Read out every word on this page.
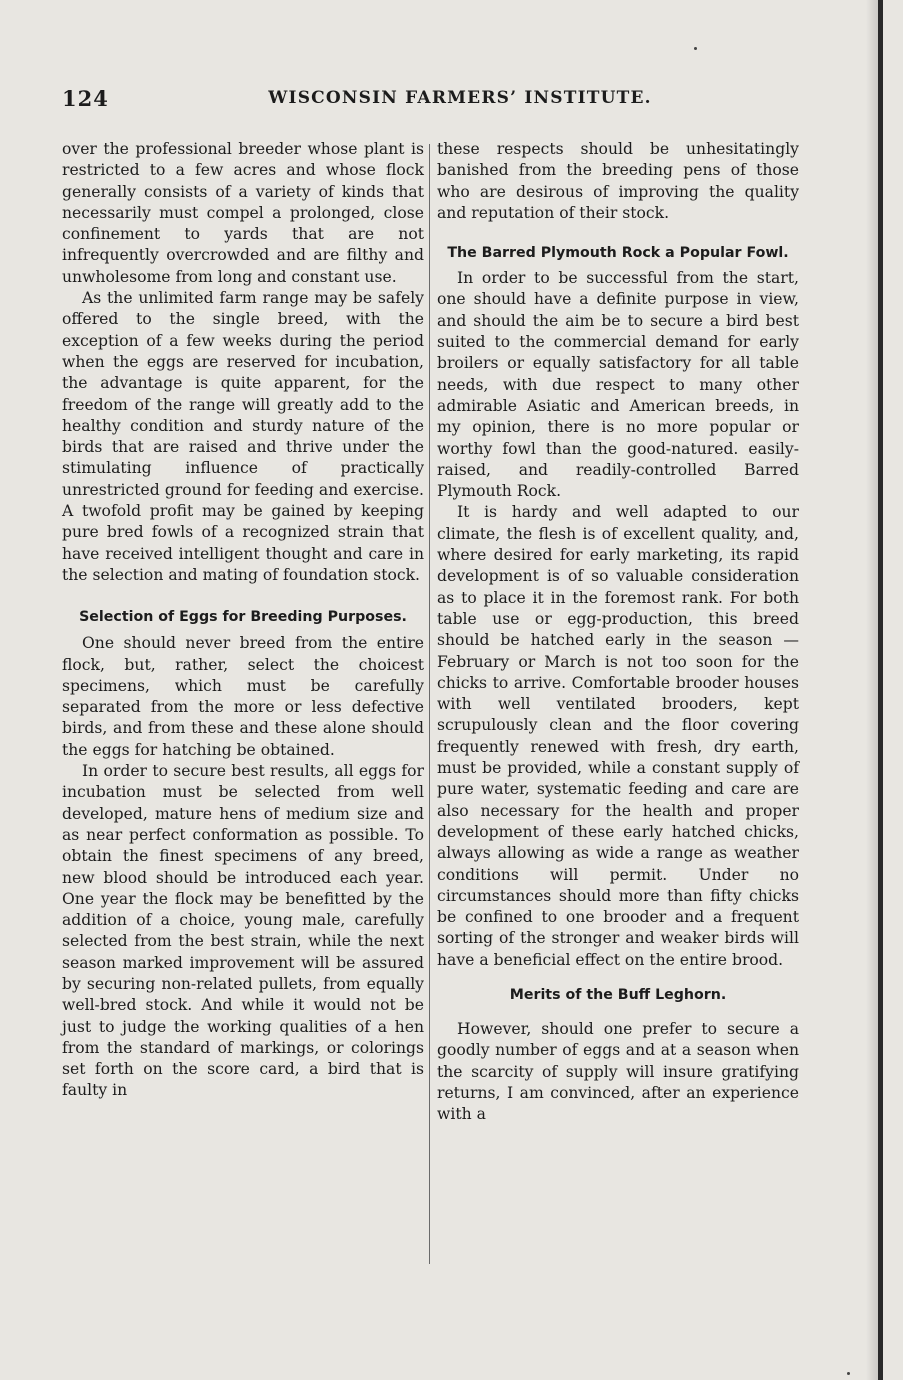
124	WISCONSIN FARMERS’ INSTITUTE.

over the professional breeder whose plant is restricted to a few acres and whose flock generally consists of a variety of kinds that necessarily must compel a prolonged, close confinement to yards that are not infrequently overcrowded and are filthy and unwholesome from long and constant use.

As the unlimited farm range may be safely offered to the single breed, with the exception of a few weeks during the period when the eggs are reserved for incubation, the advantage is quite apparent, for the freedom of the range will greatly add to the healthy condition and sturdy nature of the birds that are raised and thrive under the stimulating influence of practically unrestricted ground for feeding and exercise. A twofold profit may be gained by keeping pure bred fowls of a recognized strain that have received intelligent thought and care in the selection and mating of foundation stock.

Selection of Eggs for Breeding Purposes.

One should never breed from the entire flock, but, rather, select the choicest specimens, which must be carefully separated from the more or less defective birds, and from these and these alone should the eggs for hatching be obtained.

In order to secure best results, all eggs for incubation must be selected from well developed, mature hens of medium size and as near perfect conformation as possible. To obtain the finest specimens of any breed, new blood should be introduced each year. One year the flock may be benefitted by the addition of a choice, young male, carefully selected from the best strain, while the next season marked improvement will be assured by securing non-related pullets, from equally well-bred stock. And while it would not be just to judge the working qualities of a hen from the standard of markings, or colorings set forth on the score card, a bird that is faulty in

these respects should be unhesitatingly banished from the breeding pens of those who are desirous of improving the quality and reputation of their stock.

The Barred Plymouth Rock a Popular Fowl.

In order to be successful from the start, one should have a definite purpose in view, and should the aim be to secure a bird best suited to the commercial demand for early broilers or equally satisfactory for all table needs, with due respect to many other admirable Asiatic and American breeds, in my opinion, there is no more popular or worthy fowl than the good-natured. easily-raised, and readily-controlled Barred Plymouth Rock.

It is hardy and well adapted to our climate, the flesh is of excellent quality, and, where desired for early marketing, its rapid development is of so valuable consideration as to place it in the foremost rank. For both table use or egg-production, this breed should be hatched early in the season —February or March is not too soon for the chicks to arrive. Comfortable brooder houses with well ventilated brooders, kept scrupulously clean and the floor covering frequently renewed with fresh, dry earth, must be provided, while a constant supply of pure water, systematic feeding and care are also necessary for the health and proper development of these early hatched chicks, always allowing as wide a range as weather conditions will permit. Under no circumstances should more than fifty chicks be confined to one brooder and a frequent sorting of the stronger and weaker birds will have a beneficial effect on the entire brood.

Merits of the Buff Leghorn.

However, should one prefer to secure a goodly number of eggs and at a season when the scarcity of supply will insure gratifying returns, I am convinced, after an experience with a
